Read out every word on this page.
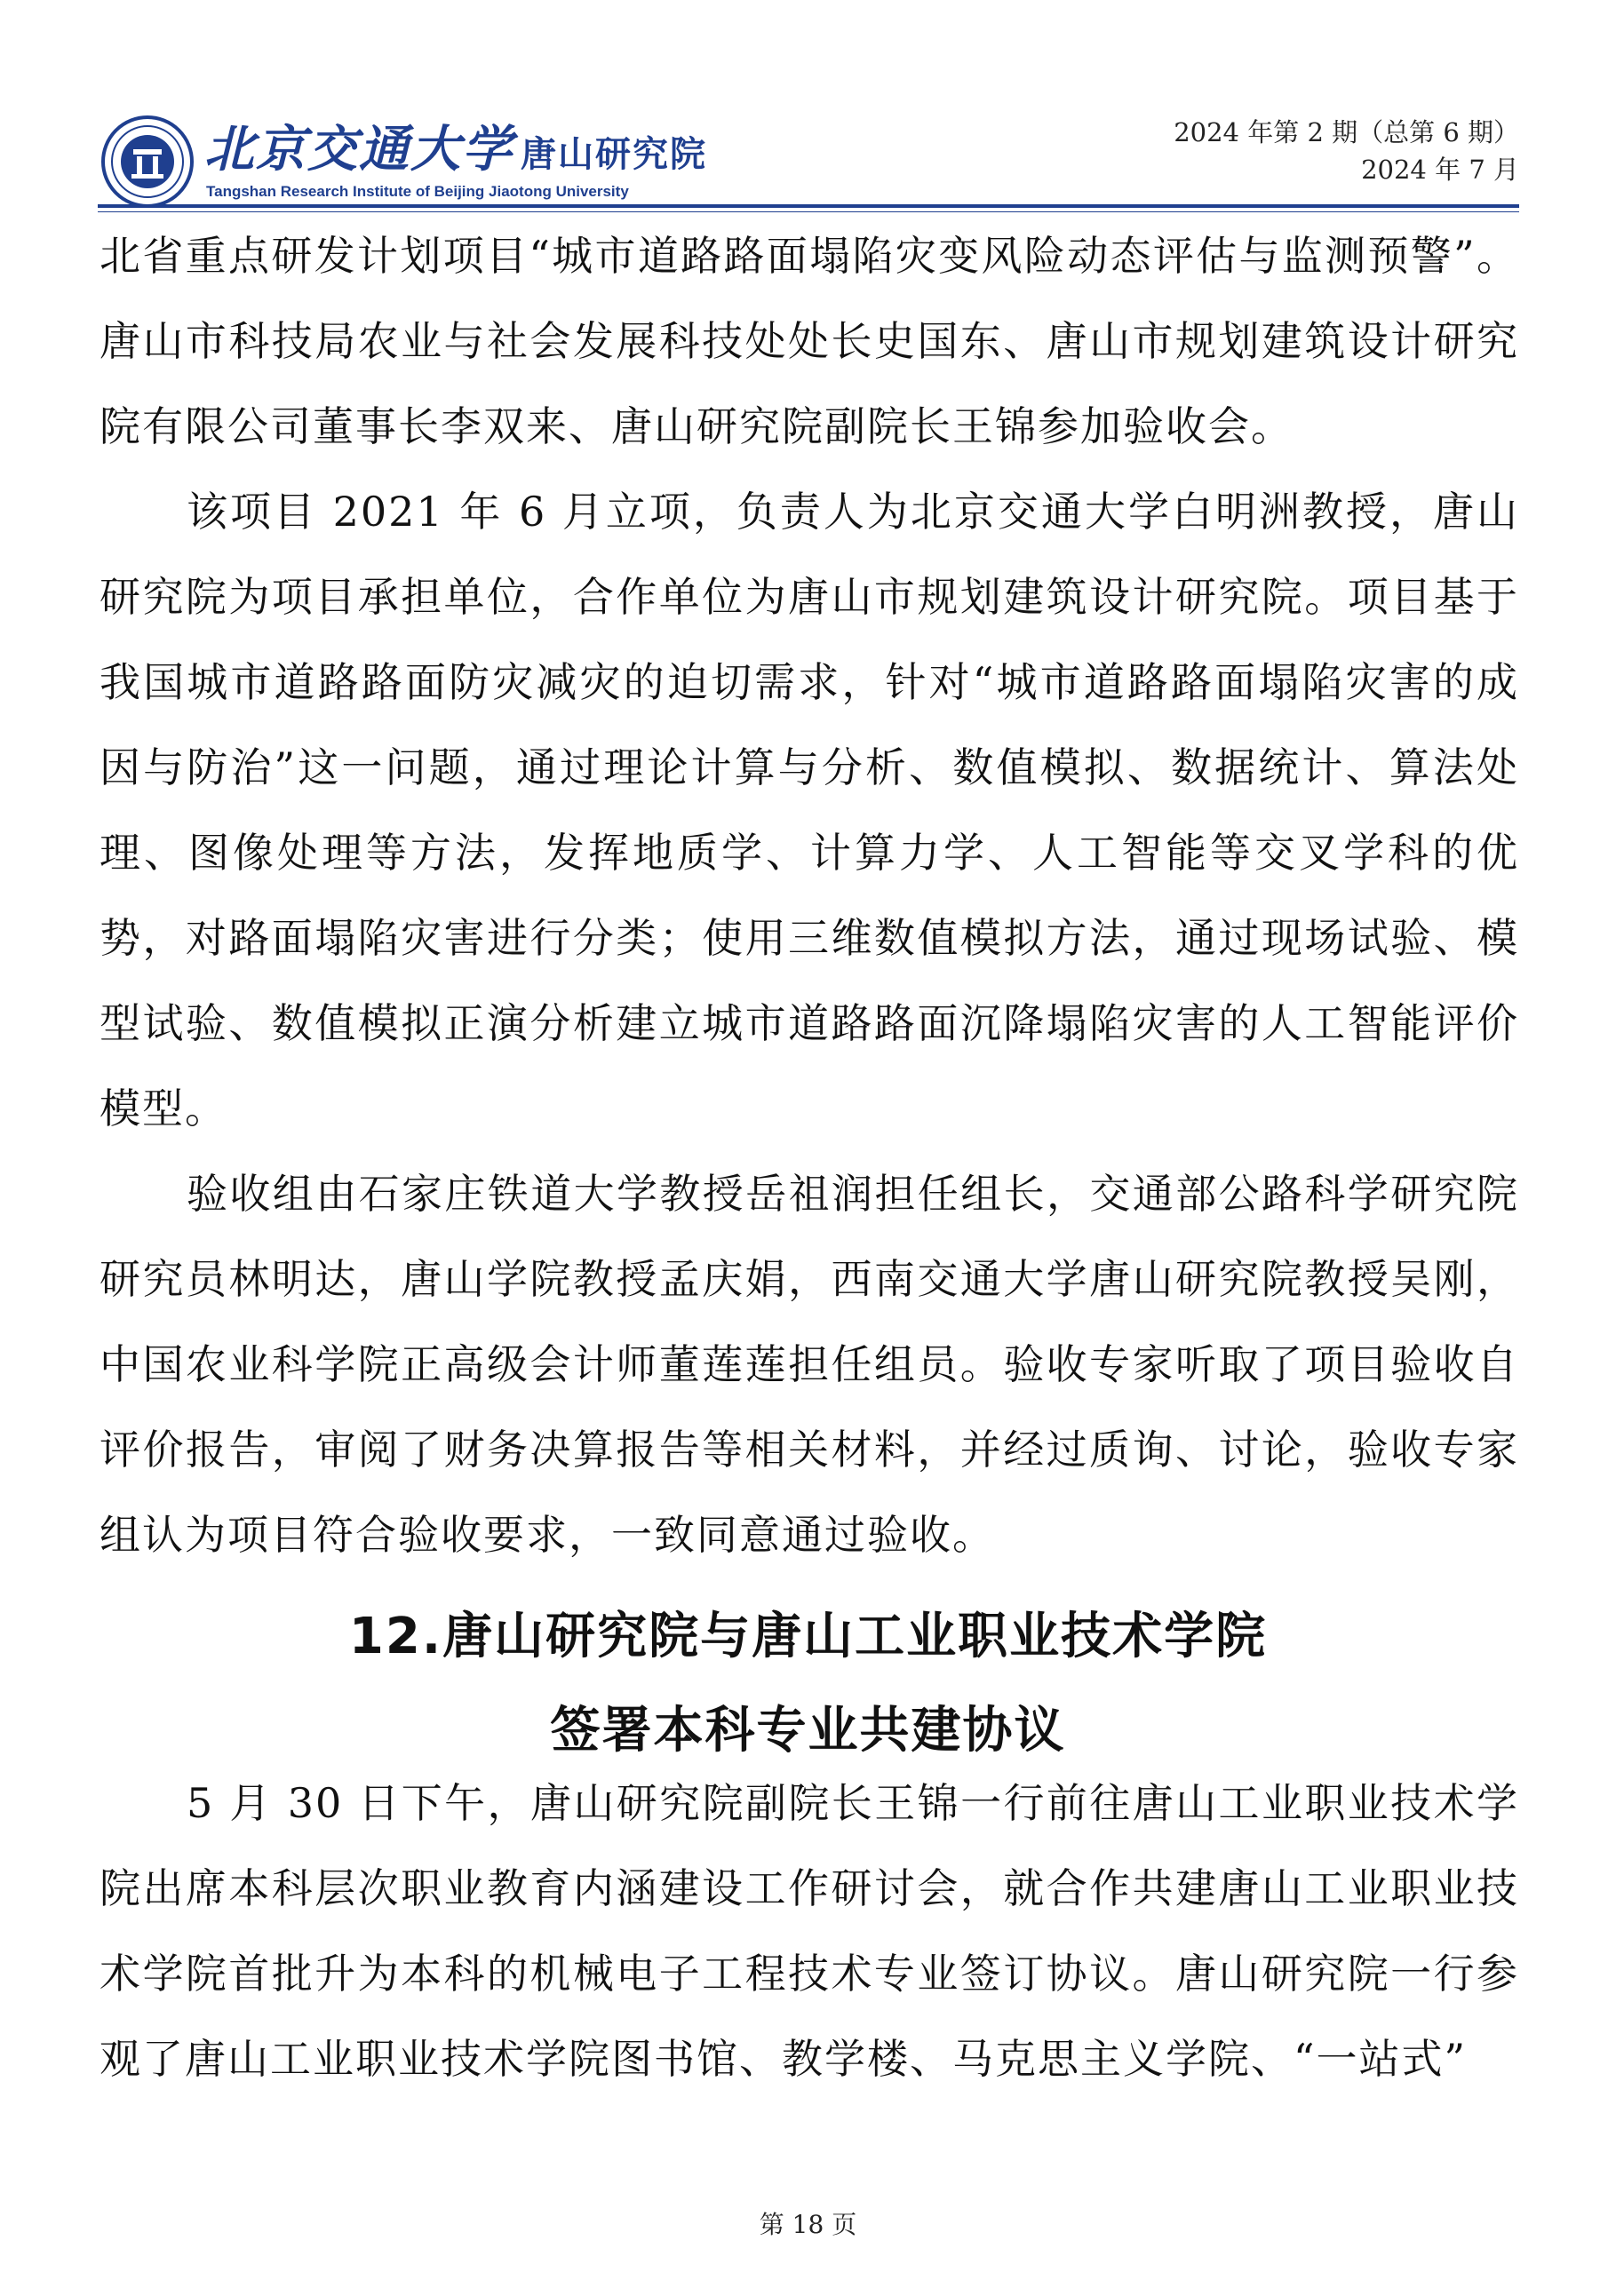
北京交通大学 唐山研究院
Tangshan Research Institute of Beijing Jiaotong University
2024 年第 2 期（总第 6 期）
2024 年 7 月

北省重点研发计划项目“城市道路路面塌陷灾变风险动态评估与监测预警”。唐山市科技局农业与社会发展科技处处长史国东、唐山市规划建筑设计研究院有限公司董事长李双来、唐山研究院副院长王锦参加验收会。

该项目 2021 年 6 月立项，负责人为北京交通大学白明洲教授，唐山研究院为项目承担单位，合作单位为唐山市规划建筑设计研究院。项目基于我国城市道路路面防灾减灾的迫切需求，针对“城市道路路面塌陷灾害的成因与防治”这一问题，通过理论计算与分析、数值模拟、数据统计、算法处理、图像处理等方法，发挥地质学、计算力学、人工智能等交叉学科的优势，对路面塌陷灾害进行分类；使用三维数值模拟方法，通过现场试验、模型试验、数值模拟正演分析建立城市道路路面沉降塌陷灾害的人工智能评价模型。

验收组由石家庄铁道大学教授岳祖润担任组长，交通部公路科学研究院研究员林明达，唐山学院教授孟庆娟，西南交通大学唐山研究院教授吴刚，中国农业科学院正高级会计师董莲莲担任组员。验收专家听取了项目验收自评价报告，审阅了财务决算报告等相关材料，并经过质询、讨论，验收专家组认为项目符合验收要求，一致同意通过验收。

12.唐山研究院与唐山工业职业技术学院
签署本科专业共建协议

5 月 30 日下午，唐山研究院副院长王锦一行前往唐山工业职业技术学院出席本科层次职业教育内涵建设工作研讨会，就合作共建唐山工业职业技术学院首批升为本科的机械电子工程技术专业签订协议。唐山研究院一行参观了唐山工业职业技术学院图书馆、教学楼、马克思主义学院、“一站式”

第 18 页
